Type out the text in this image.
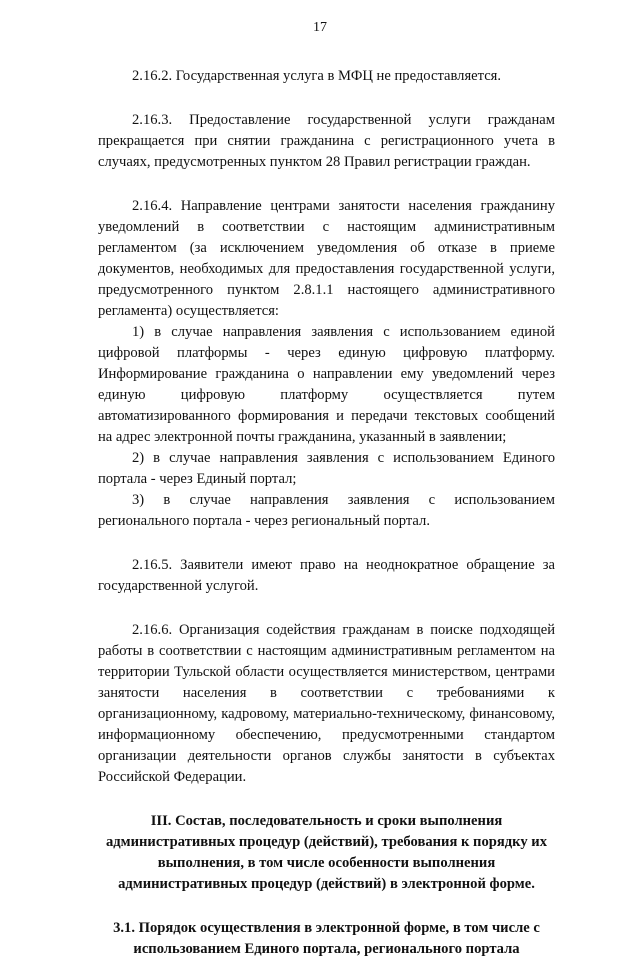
17

2.16.2. Государственная услуга в МФЦ не предоставляется.

2.16.3. Предоставление государственной услуги гражданам прекращается при снятии гражданина с регистрационного учета в случаях, предусмотренных пунктом 28 Правил регистрации граждан.

2.16.4. Направление центрами занятости населения гражданину уведомлений в соответствии с настоящим административным регламентом (за исключением уведомления об отказе в приеме документов, необходимых для предоставления государственной услуги, предусмотренного пунктом 2.8.1.1 настоящего административного регламента) осуществляется:

1) в случае направления заявления с использованием единой цифровой платформы - через единую цифровую платформу. Информирование гражданина о направлении ему уведомлений через единую цифровую платформу осуществляется путем автоматизированного формирования и передачи текстовых сообщений на адрес электронной почты гражданина, указанный в заявлении;

2) в случае направления заявления с использованием Единого портала - через Единый портал;

3) в случае направления заявления с использованием регионального портала - через региональный портал.

2.16.5. Заявители имеют право на неоднократное обращение за государственной услугой.

2.16.6. Организация содействия гражданам в поиске подходящей работы в соответствии с настоящим административным регламентом на территории Тульской области осуществляется министерством, центрами занятости населения в соответствии с требованиями к организационному, кадровому, материально-техническому, финансовому, информационному обеспечению, предусмотренными стандартом организации деятельности органов службы занятости в субъектах Российской Федерации.

III. Состав, последовательность и сроки выполнения административных процедур (действий), требования к порядку их выполнения, в том числе особенности выполнения административных процедур (действий) в электронной форме.

3.1. Порядок осуществления в электронной форме, в том числе с использованием Единого портала, регионального портала
